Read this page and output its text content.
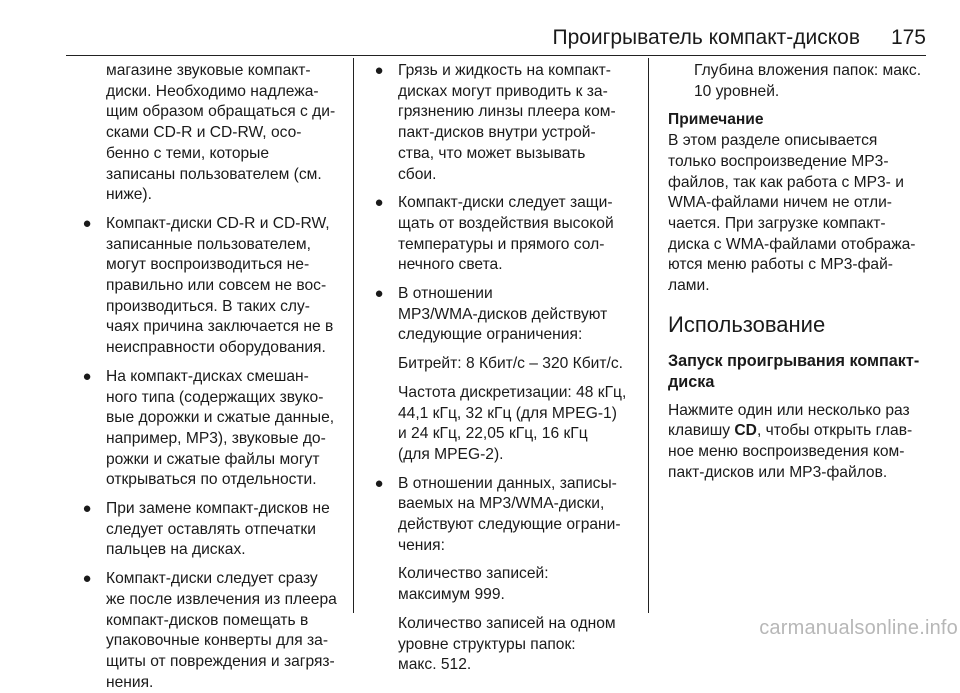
Проигрыватель компакт-дисков 175

магазине звуковые компакт-

диски. Необходимо надлежа-

щим образом обращаться с ди-

сками CD-R и CD-RW, осо-

бенно с теми, которые

записаны пользователем (см.

ниже).

● Компакт-диски CD-R и CD-RW,

записанные пользователем,

могут воспроизводиться не-

правильно или совсем не вос-

производиться. В таких слу-

чаях причина заключается не в

неисправности оборудования.

● На компакт-дисках смешан-

ного типа (содержащих звуко-

вые дорожки и сжатые данные,

например, MP3), звуковые до-

рожки и сжатые файлы могут

открываться по отдельности.

● При замене компакт-дисков не

следует оставлять отпечатки

пальцев на дисках.

● Компакт-диски следует сразу

же после извлечения из плеера

компакт-дисков помещать в

упаковочные конверты для за-

щиты от повреждения и загряз-

нения.

● Грязь и жидкость на компакт-

дисках могут приводить к за-

грязнению линзы плеера ком-

пакт-дисков внутри устрой-

ства, что может вызывать

сбои.

● Компакт-диски следует защи-

щать от воздействия высокой

температуры и прямого сол-

нечного света.

● В отношении

MP3/WMA-дисков действуют

следующие ограничения:

Битрейт: 8 Кбит/с – 320 Кбит/с.

Частота дискретизации: 48 кГц,

44,1 кГц, 32 кГц (для MPEG-1)

и 24 кГц, 22,05 кГц, 16 кГц

(для MPEG-2).

● В отношении данных, записы-

ваемых на MP3/WMA-диски,

действуют следующие ограни-

чения:

Количество записей:

максимум 999.

Количество записей на одном

уровне структуры папок:

макс. 512.

Глубина вложения папок: макс.

10 уровней.

Примечание

В этом разделе описывается

только воспроизведение MP3-

файлов, так как работа с MP3- и

WMA-файлами ничем не отли-

чается. При загрузке компакт-

диска с WMA-файлами отобража-

ются меню работы с MP3-фай-

лами.

Использование

Запуск проигрывания компакт-

диска

Нажмите один или несколько раз

клавишу CD, чтобы открыть глав-

ное меню воспроизведения ком-

пакт-дисков или MP3-файлов.

carmanualsonline.info
